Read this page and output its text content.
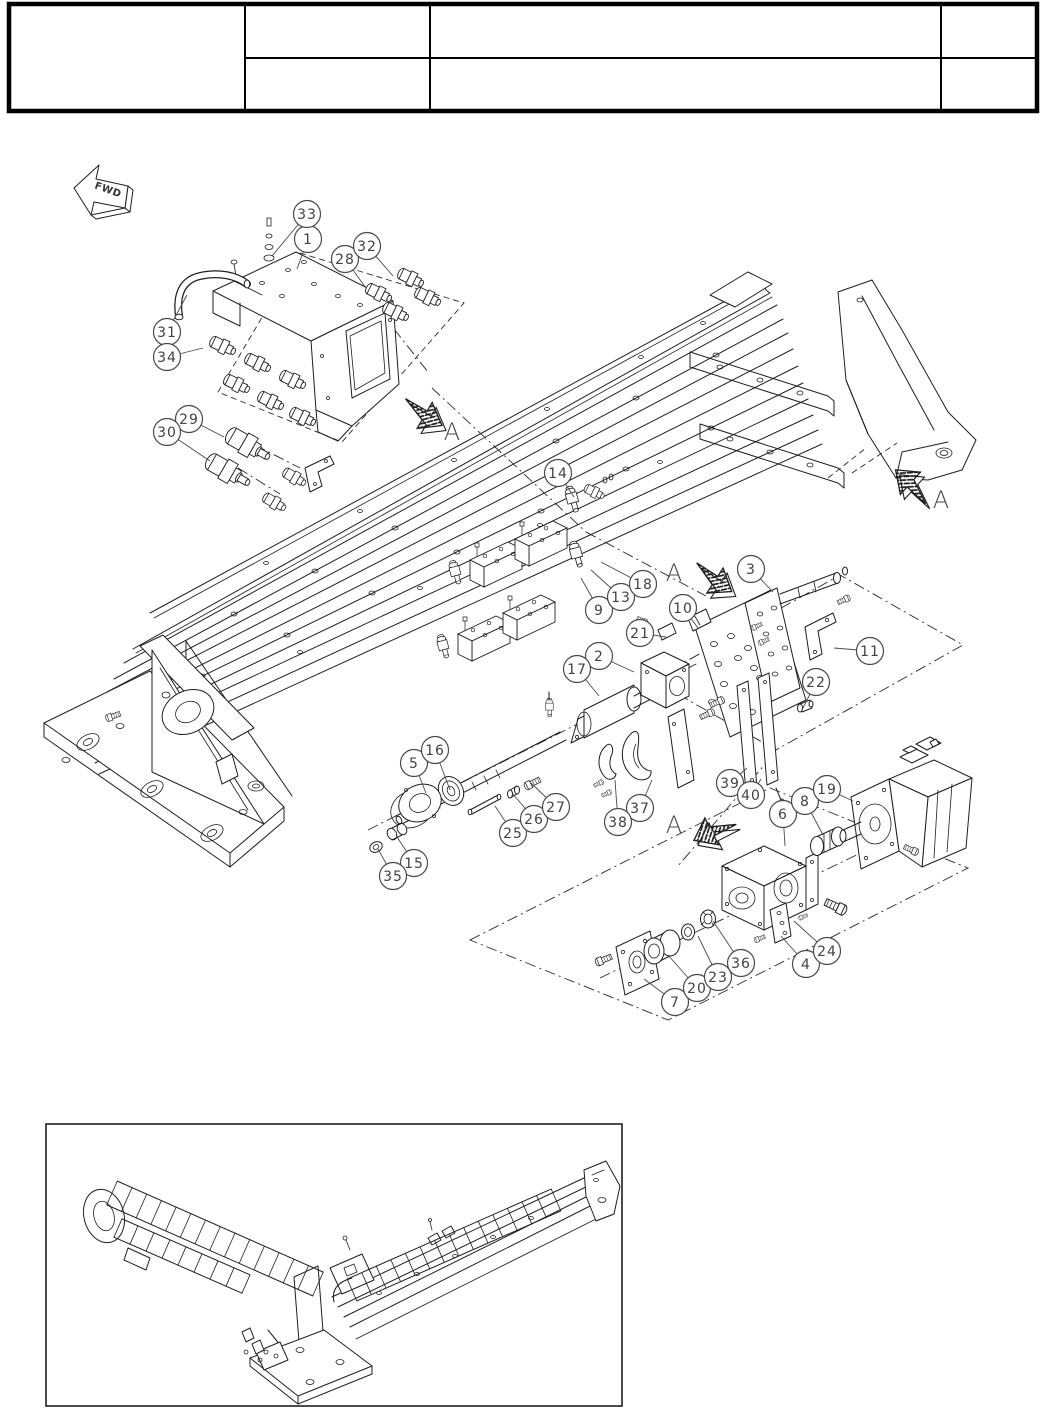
FWD
A
A
A
A
1
2
3
4
5
6
7
8
9	10
11
13
14
15
16
17
18
19
20
21
22
23
24
25
26
27
28
29
30
31
32
33
34
35
36
37
38
39
40
